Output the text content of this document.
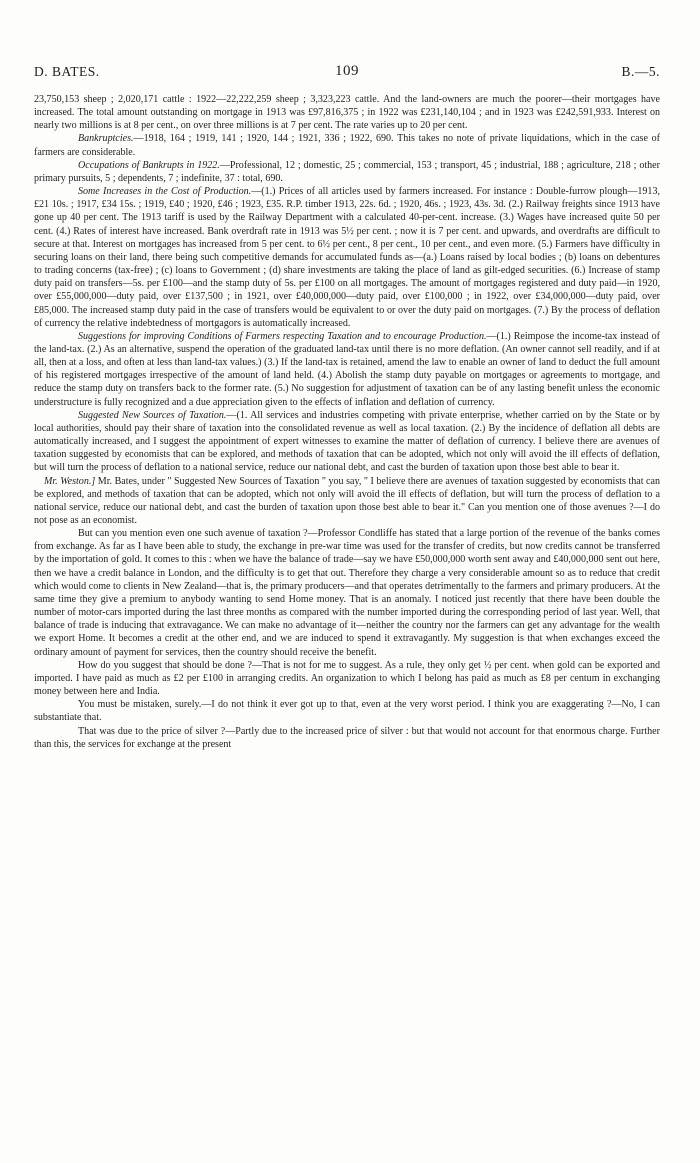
D. BATES.	109	B.—5.

23,750,153 sheep ; 2,020,171 cattle : 1922—22,222,259 sheep ; 3,323,223 cattle. And the land-owners are much the poorer—their mortgages have increased. The total amount outstanding on mortgage in 1913 was £97,816,375 ; in 1922 was £231,140,104 ; and in 1923 was £242,591,933. Interest on nearly two millions is at 8 per cent., on over three millions is at 7 per cent. The rate varies up to 20 per cent.

Bankruptcies.—1918, 164 ; 1919, 141 ; 1920, 144 ; 1921, 336 ; 1922, 690. This takes no note of private liquidations, which in the case of farmers are considerable.

Occupations of Bankrupts in 1922.—Professional, 12 ; domestic, 25 ; commercial, 153 ; transport, 45 ; industrial, 188 ; agriculture, 218 ; other primary pursuits, 5 ; dependents, 7 ; indefinite, 37 : total, 690.

Some Increases in the Cost of Production.—(1.) Prices of all articles used by farmers increased. For instance : Double-furrow plough—1913, £21 10s. ; 1917, £34 15s. ; 1919, £40 ; 1920, £46 ; 1923, £35. R.P. timber 1913, 22s. 6d. ; 1920, 46s. ; 1923, 43s. 3d. (2.) Railway freights since 1913 have gone up 40 per cent. The 1913 tariff is used by the Railway Department with a calculated 40-per-cent. increase. (3.) Wages have increased quite 50 per cent. (4.) Rates of interest have increased. Bank overdraft rate in 1913 was 5½ per cent. ; now it is 7 per cent. and upwards, and overdrafts are difficult to secure at that. Interest on mortgages has increased from 5 per cent. to 6½ per cent., 8 per cent., 10 per cent., and even more. (5.) Farmers have difficulty in securing loans on their land, there being such competitive demands for accumulated funds as—(a.) Loans raised by local bodies ; (b) loans on debentures to trading concerns (tax-free) ; (c) loans to Government ; (d) share investments are taking the place of land as gilt-edged securities. (6.) Increase of stamp duty paid on transfers—5s. per £100—and the stamp duty of 5s. per £100 on all mortgages. The amount of mortgages registered and duty paid—in 1920, over £55,000,000—duty paid, over £137,500 ; in 1921, over £40,000,000—duty paid, over £100,000 ; in 1922, over £34,000,000—duty paid, over £85,000. The increased stamp duty paid in the case of transfers would be equivalent to or over the duty paid on mortgages. (7.) By the process of deflation of currency the relative indebtedness of mortgagors is automatically increased.

Suggestions for improving Conditions of Farmers respecting Taxation and to encourage Production.—(1.) Reimpose the income-tax instead of the land-tax. (2.) As an alternative, suspend the operation of the graduated land-tax until there is no more deflation. (An owner cannot sell readily, and if at all, then at a loss, and often at less than land-tax values.) (3.) If the land-tax is retained, amend the law to enable an owner of land to deduct the full amount of his registered mortgages irrespective of the amount of land held. (4.) Abolish the stamp duty payable on mortgages or agreements to mortgage, and reduce the stamp duty on transfers back to the former rate. (5.) No suggestion for adjustment of taxation can be of any lasting benefit unless the economic understructure is fully recognized and a due appreciation given to the effects of inflation and deflation of currency.

Suggested New Sources of Taxation.—(1. All services and industries competing with private enterprise, whether carried on by the State or by local authorities, should pay their share of taxation into the consolidated revenue as well as local taxation. (2.) By the incidence of deflation all debts are automatically increased, and I suggest the appointment of expert witnesses to examine the matter of deflation of currency. I believe there are avenues of taxation suggested by economists that can be explored, and methods of taxation that can be adopted, which not only will avoid the ill effects of deflation, but will turn the process of deflation to a national service, reduce our national debt, and cast the burden of taxation upon those best able to bear it.

Mr. Weston.] Mr. Bates, under " Suggested New Sources of Taxation " you say, " I believe there are avenues of taxation suggested by economists that can be explored, and methods of taxation that can be adopted, which not only will avoid the ill effects of deflation, but will turn the process of deflation to a national service, reduce our national debt, and cast the burden of taxation upon those best able to bear it." Can you mention one of those avenues ?—I do not pose as an economist.

But can you mention even one such avenue of taxation ?—Professor Condliffe has stated that a large portion of the revenue of the banks comes from exchange. As far as I have been able to study, the exchange in pre-war time was used for the transfer of credits, but now credits cannot be transferred by the importation of gold. It comes to this : when we have the balance of trade—say we have £50,000,000 worth sent away and £40,000,000 sent out here, then we have a credit balance in London, and the difficulty is to get that out. Therefore they charge a very considerable amount so as to reduce that credit which would come to clients in New Zealand—that is, the primary producers—and that operates detrimentally to the farmers and primary producers. At the same time they give a premium to anybody wanting to send Home money. That is an anomaly. I noticed just recently that there have been double the number of motor-cars imported during the last three months as compared with the number imported during the corresponding period of last year. Well, that balance of trade is inducing that extravagance. We can make no advantage of it—neither the country nor the farmers can get any advantage for the wealth we export Home. It becomes a credit at the other end, and we are induced to spend it extravagantly. My suggestion is that when exchanges exceed the ordinary amount of payment for services, then the country should receive the benefit.

How do you suggest that should be done ?—That is not for me to suggest. As a rule, they only get ½ per cent. when gold can be exported and imported. I have paid as much as £2 per £100 in arranging credits. An organization to which I belong has paid as much as £8 per centum in exchanging money between here and India.

You must be mistaken, surely.—I do not think it ever got up to that, even at the very worst period. I think you are exaggerating ?—No, I can substantiate that.

That was due to the price of silver ?—Partly due to the increased price of silver : but that would not account for that enormous charge. Further than this, the services for exchange at the present
